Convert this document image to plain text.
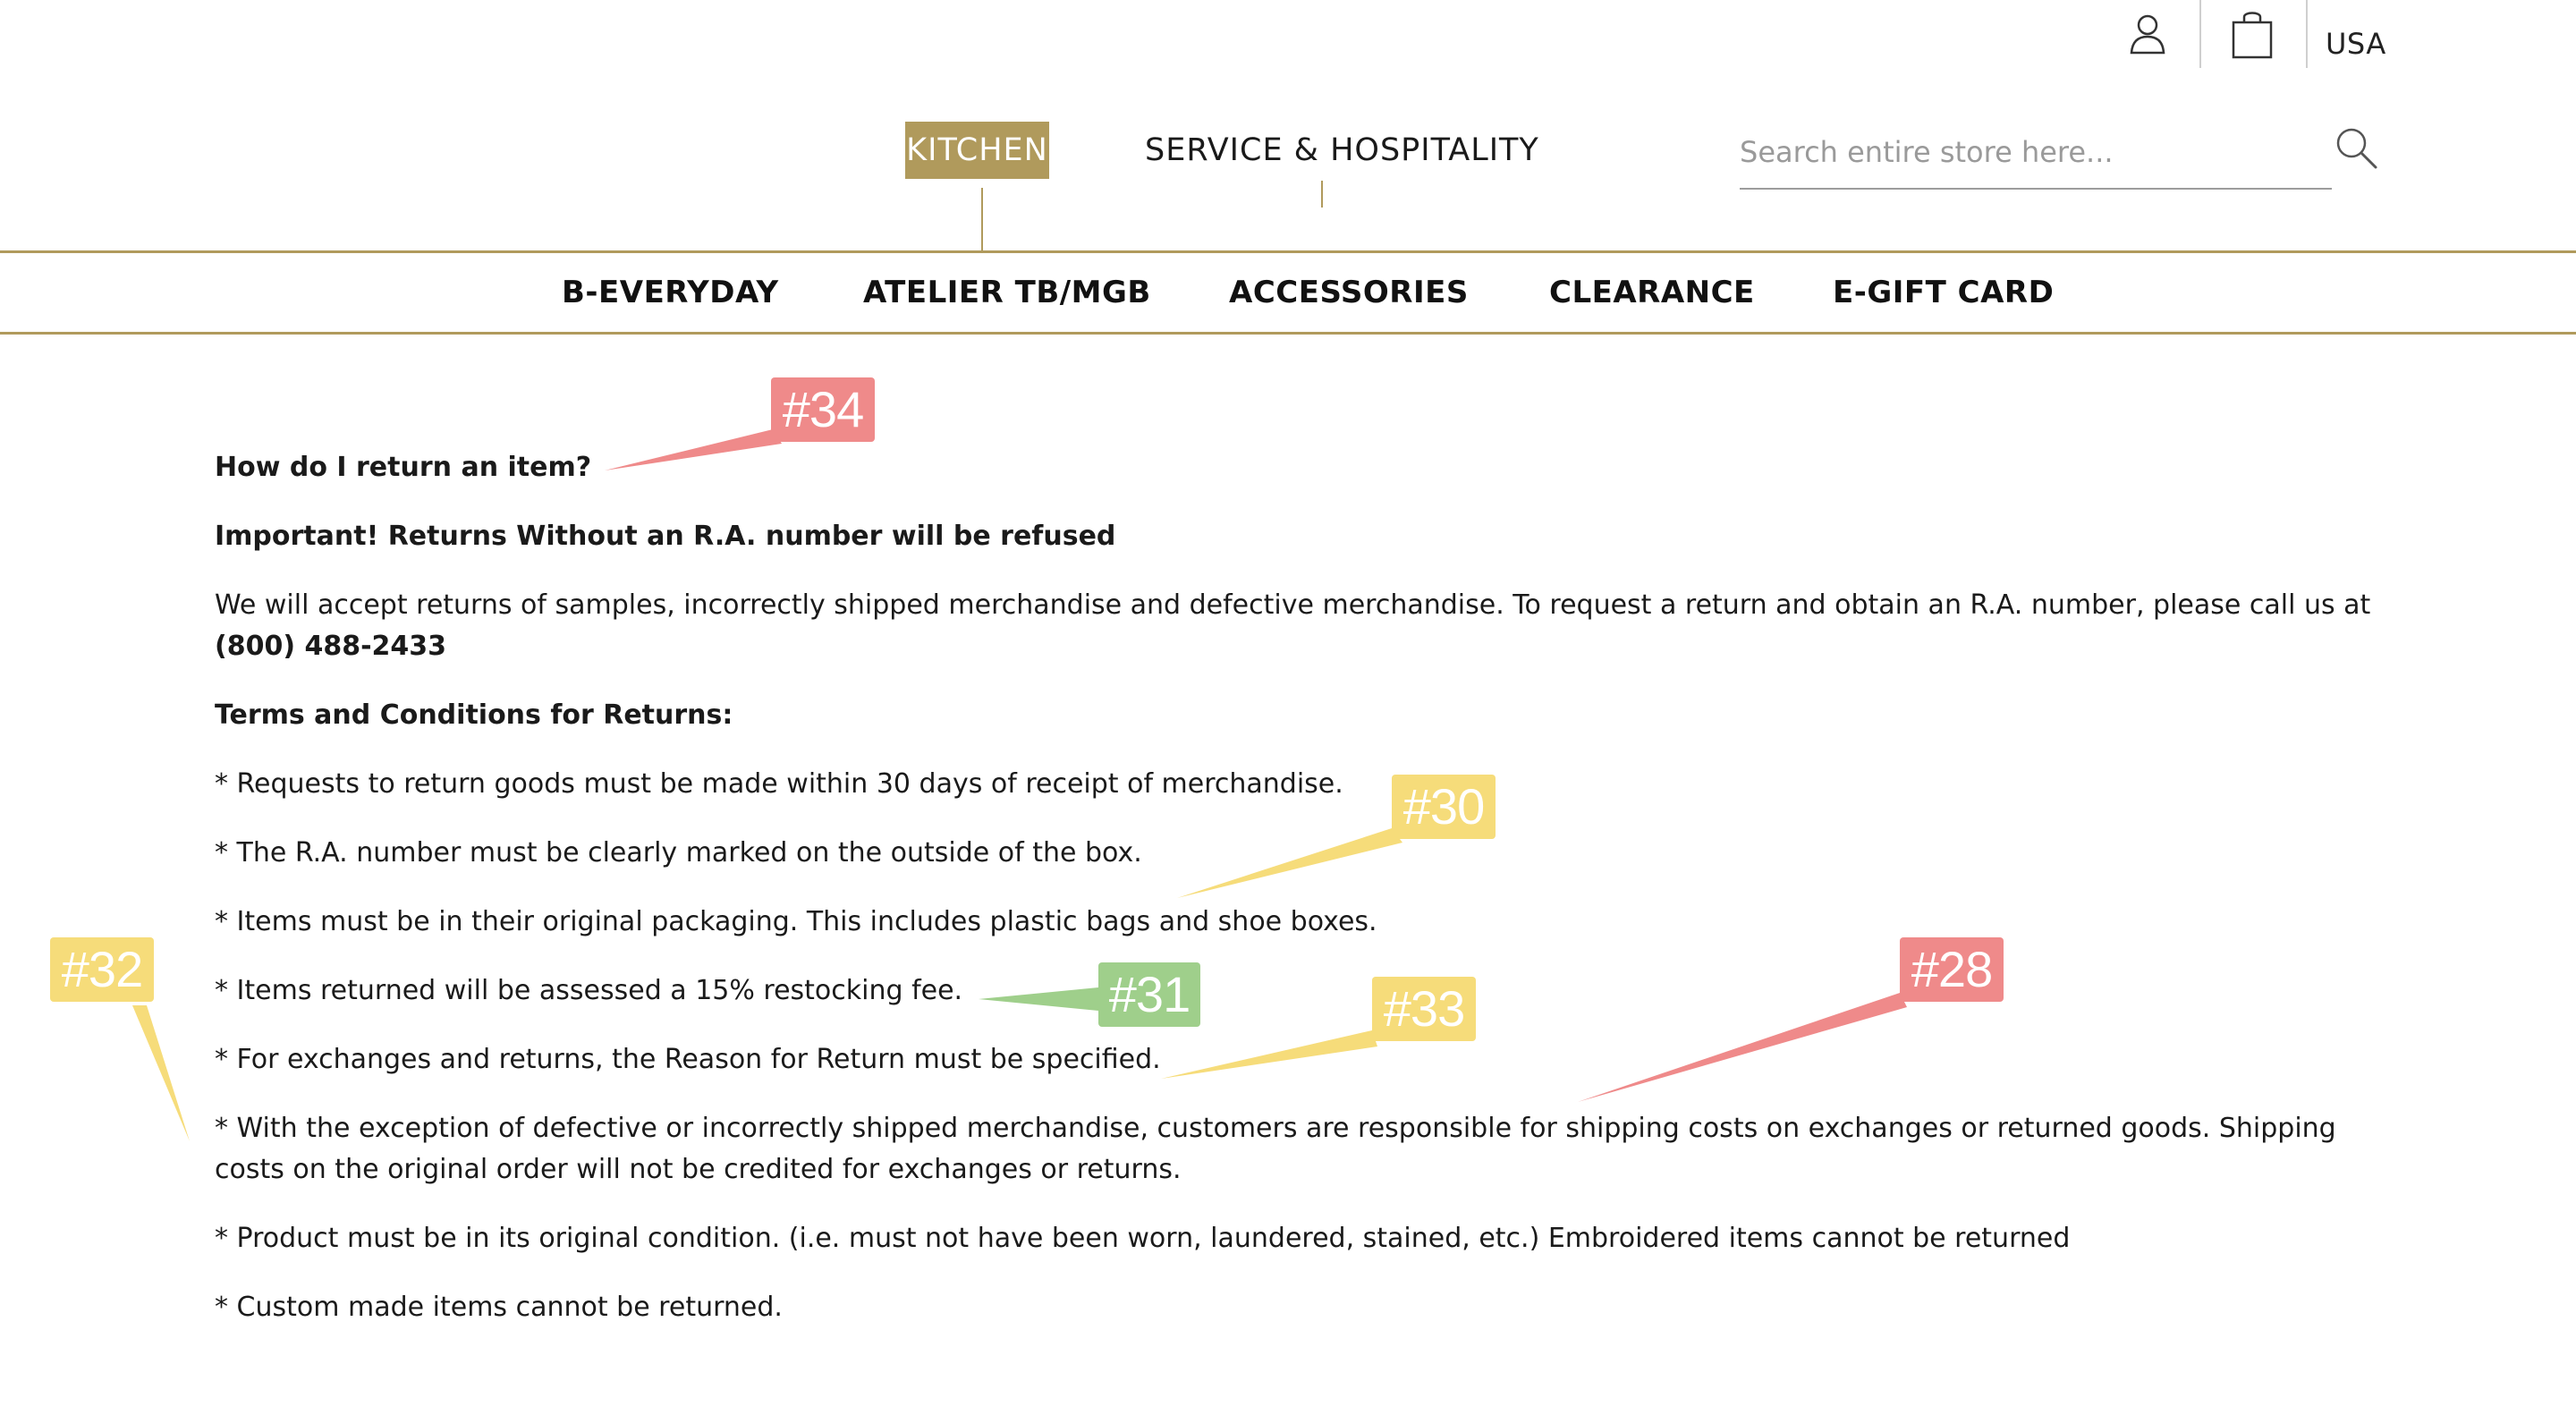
USA
KITCHEN	SERVICE & HOSPITALITY
Search entire store here...
B-EVERYDAY	ATELIER TB/MGB	ACCESSORIES	CLEARANCE	E-GIFT CARD

How do I return an item?

Important! Returns Without an R.A. number will be refused

We will accept returns of samples, incorrectly shipped merchandise and defective merchandise. To request a return and obtain an R.A. number, please call us at
(800) 488-2433

Terms and Conditions for Returns:

* Requests to return goods must be made within 30 days of receipt of merchandise.

* The R.A. number must be clearly marked on the outside of the box.

* Items must be in their original packaging. This includes plastic bags and shoe boxes.

* Items returned will be assessed a 15% restocking fee.

* For exchanges and returns, the Reason for Return must be specified.

* With the exception of defective or incorrectly shipped merchandise, customers are responsible for shipping costs on exchanges or returned goods. Shipping costs on the original order will not be credited for exchanges or returns.

* Product must be in its original condition. (i.e. must not have been worn, laundered, stained, etc.) Embroidered items cannot be returned

* Custom made items cannot be returned.

#34
#30
#32	#31	#33
#28
